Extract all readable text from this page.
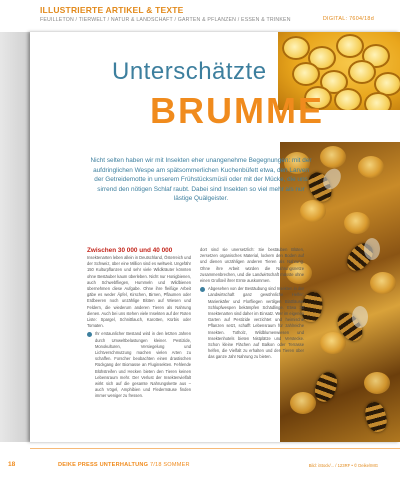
ILLUSTRIERTE ARTIKEL & TEXTE
FEUILLETON / TIERWELT / NATUR & LANDSCHAFT / GARTEN & PFLANZEN / ESSEN & TRINKEN	DIGITAL: 7604/18d
Unterschätzte
BRUMME
Nicht selten haben wir mit Insekten eher unangenehme Begegnungen: mit der aufdringlichen Wespe am spätsommerlichen Kuchenbüfett etwa, den Larven der Getreidemotte in unserem Frühstücksmüsli oder mit der Mücke, die uns sirrend den nötigen Schlaf raubt. Dabei sind Insekten so viel mehr als nur lästige Quälgeister.
Zwischen 30 000 und 40 000

Insektenarten leben allein in Deutschland, Österreich und der Schweiz, über eine Million sind es weltweit. Ungefähr 150 Kulturpflanzen und sehr viele Wildkräuter könnten ohne Bestäuber kaum überleben. Nicht nur Honigbienen, auch Schwebfliegen, Hummeln und Wildbienen übernehmen diese Aufgabe. Ohne ihre fleißige Arbeit gäbe es weder Äpfel, Kirschen, Birnen, Pflaumen oder Erdbeeren noch unzählige Blüten auf Wiesen und Feldern, die wiederum anderen Tieren als Nahrung dienen. Auch bei uns stehen viele Insekten auf der Roten Liste: Spargel, Schnittlauch, Karotten, Kürbis oder Tomaten.

Ihr erstaunlicher Bestand wird in den letzten Jahren durch Umweltbelastungen kleiner. Pestizide, Monokulturen, Versiegelung und Lichtverschmutzung machen vielen Arten zu schaffen. Forscher beobachten einen drastischen Rückgang der Biomasse an Fluginsekten. Fehlende Blühstreifen und Hecken bieten den Tieren keinen Lebensraum mehr. Der Verlust der Insektenvielfalt wirkt sich auf die gesamte Nahrungskette aus – auch Vögel, Amphibien und Fledermäuse finden immer weniger zu fressen.

dort sind sie unersetzlich: Sie bestäuben Blüten, zersetzen organisches Material, lockern den Boden auf und dienen unzähligen anderen Tieren als Nahrung. Ohne ihre Arbeit würden die Nahrungsnetze zusammenbrechen, und die Landwirtschaft müsste ohne einen Großteil ihrer Ernte auskommen.

Abgesehen von der Bestäubung sind Insekten in der Landwirtschaft ganz gewöhnliche Helfer: Marienkäfer und Florfliegen vertilgen Blattläuse, Schlupfwespen bekämpfen Schädlinge. Etwa 30 Insektenarten sind daher im Einsatz. Wer im eigenen Garten auf Pestizide verzichtet und heimische Pflanzen setzt, schafft Lebensraum für zahlreiche Insekten. Totholz, Wildblumenwiesen und Insektenhotels bieten Nistplätze und Verstecke. Schon kleine Flächen auf Balkon oder Terrasse helfen, die Vielfalt zu erhalten und den Tieren über das ganze Jahr Nahrung zu bieten.
18	DEIKE PRESS UNTERHALTUNG 7/18 SOMMER	Bild: iStock/... / 123RF • © Deike/IMG
